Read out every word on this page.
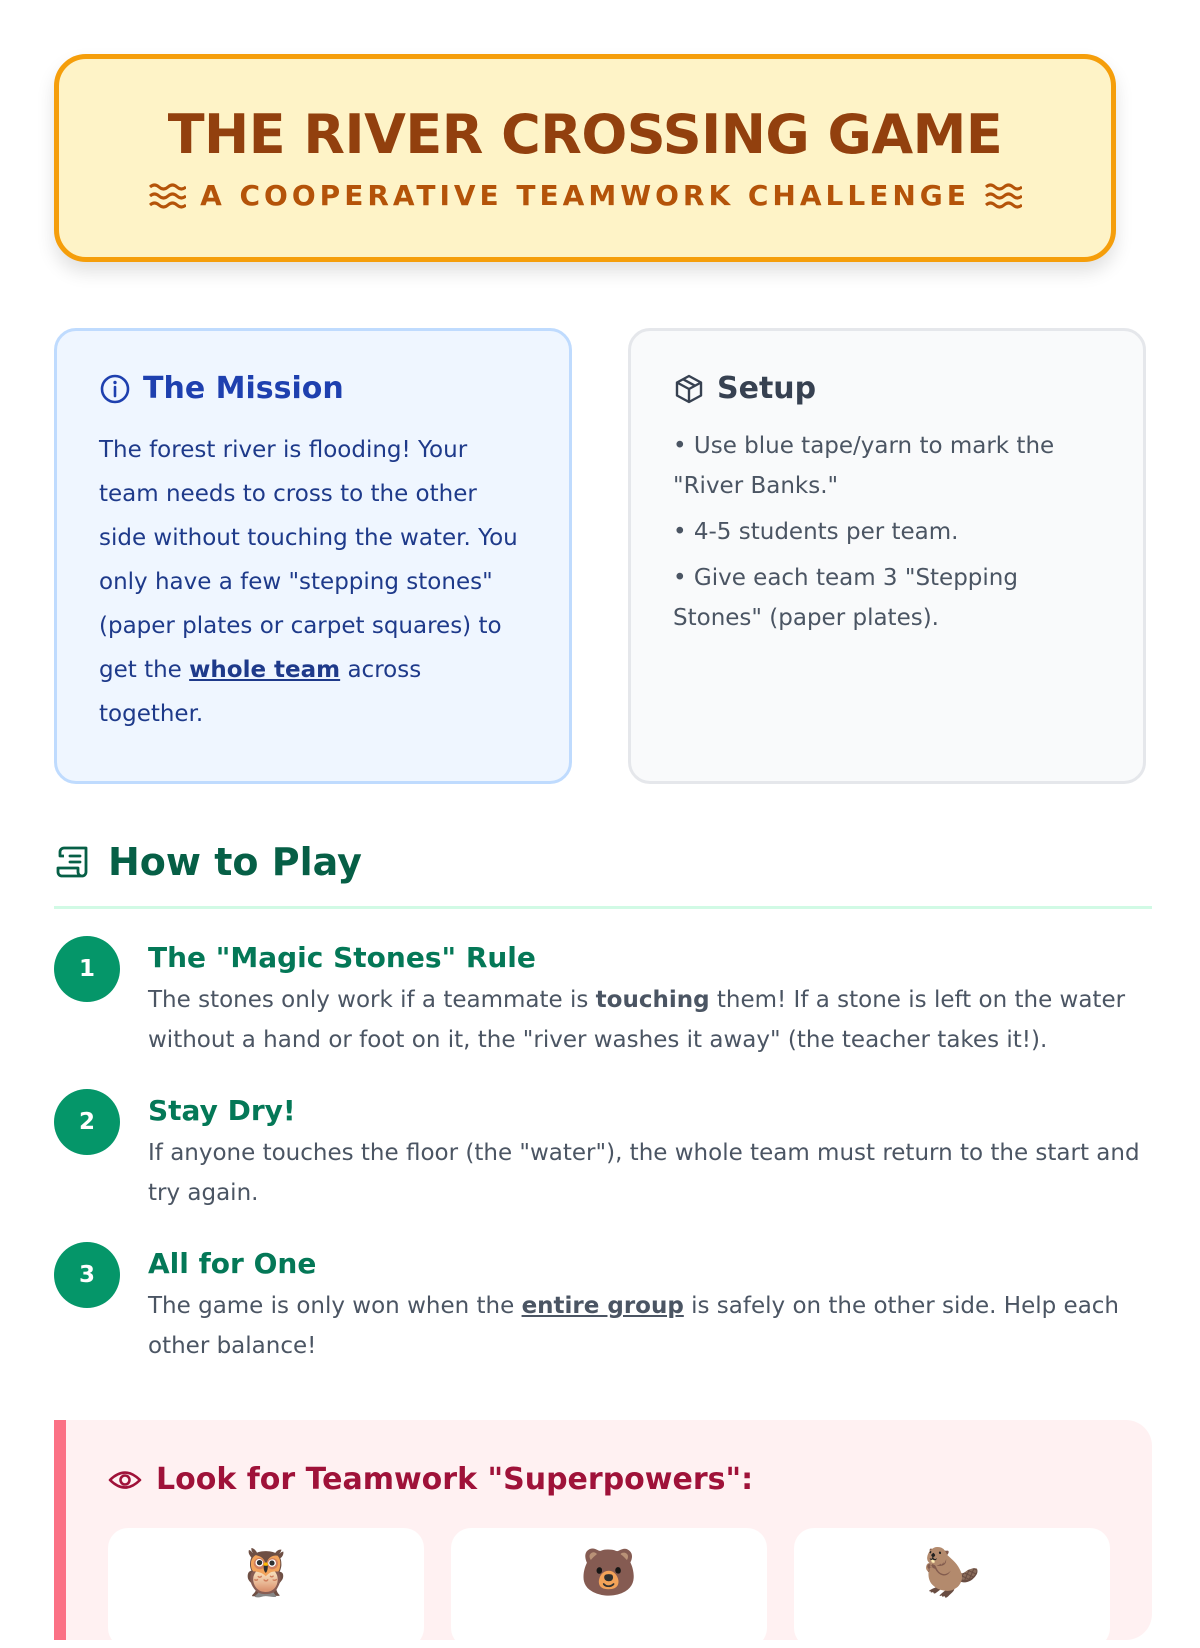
THE RIVER CROSSING GAME
A COOPERATIVE TEAMWORK CHALLENGE
The Mission
The forest river is flooding! Your team needs to cross to the other side without touching the water. You only have a few "stepping stones" (paper plates or carpet squares) to get the whole team across together.
Setup
• Use blue tape/yarn to mark the "River Banks."
• 4-5 students per team.
• Give each team 3 "Stepping Stones" (paper plates).
How to Play
1	The "Magic Stones" Rule
The stones only work if a teammate is touching them! If a stone is left on the water without a hand or foot on it, the "river washes it away" (the teacher takes it!).
2	Stay Dry!
If anyone touches the floor (the "water"), the whole team must return to the start and try again.
3	All for One
The game is only won when the entire group is safely on the other side. Help each other balance!
Look for Teamwork "Superpowers":
🦉	🐻	🦫
